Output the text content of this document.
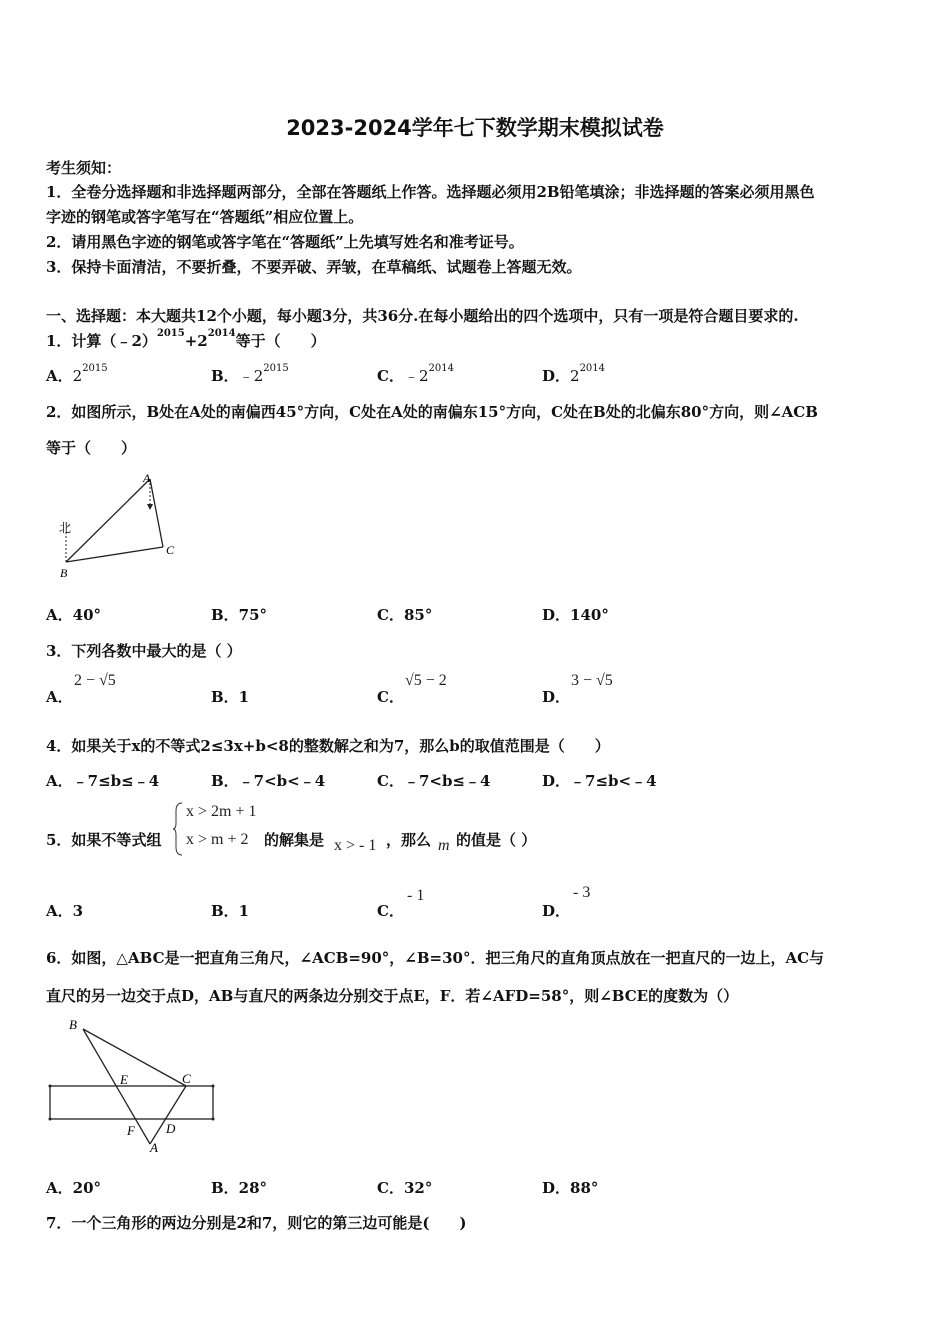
2023-2024学年七下数学期末模拟试卷
考生须知：
1．全卷分选择题和非选择题两部分，全部在答题纸上作答。选择题必须用2B铅笔填涂；非选择题的答案必须用黑色
字迹的钢笔或答字笔写在“答题纸”相应位置上。
2．请用黑色字迹的钢笔或答字笔在“答题纸”上先填写姓名和准考证号。
3．保持卡面清洁，不要折叠，不要弄破、弄皱，在草稿纸、试题卷上答题无效。
一、选择题：本大题共12个小题，每小题3分，共36分.在每小题给出的四个选项中，只有一项是符合题目要求的.
1．计算$(﹣2)^{2015}+2^{2014}$等于（　　）
A．$2^{2015}$	B．$﹣2^{2015}$	C．$﹣2^{2014}$	D．$2^{2014}$
2．如图所示，B处在A处的南偏西45°方向，C处在A处的南偏东15°方向，C处在B处的北偏东80°方向，则∠ACB
等于（　　）
北
A
B
C
A．40°	B．75°	C．85°	D．140°
3．下列各数中最大的是（ ）
A．
2 − √5
B．1	C．
√5 − 2
D．
3 − √5
4．如果关于x的不等式2≤3x+b<8的整数解之和为7，那么b的取值范围是（　　）
A．﹣7≤b≤﹣4	B．﹣7<b<﹣4	C．﹣7<b≤﹣4	D．﹣7≤b<﹣4
5．如果不等式组
x > 2m + 1
x > m + 2 的解集是 x > - 1 ，那么 m 的值是（ ）
A．3	B．1	C．
- 1
D．
- 3
6．如图，△ABC是一把直角三角尺，∠ACB=90°，∠B=30°．把三角尺的直角顶点放在一把直尺的一边上，AC与
直尺的另一边交于点D，AB与直尺的两条边分别交于点E，F．若∠AFD=58°，则∠BCE的度数为（）
B
E	C
F D
A
A．20°	B．28°	C．32°	D．88°
7．一个三角形的两边分别是2和7，则它的第三边可能是(　　)
